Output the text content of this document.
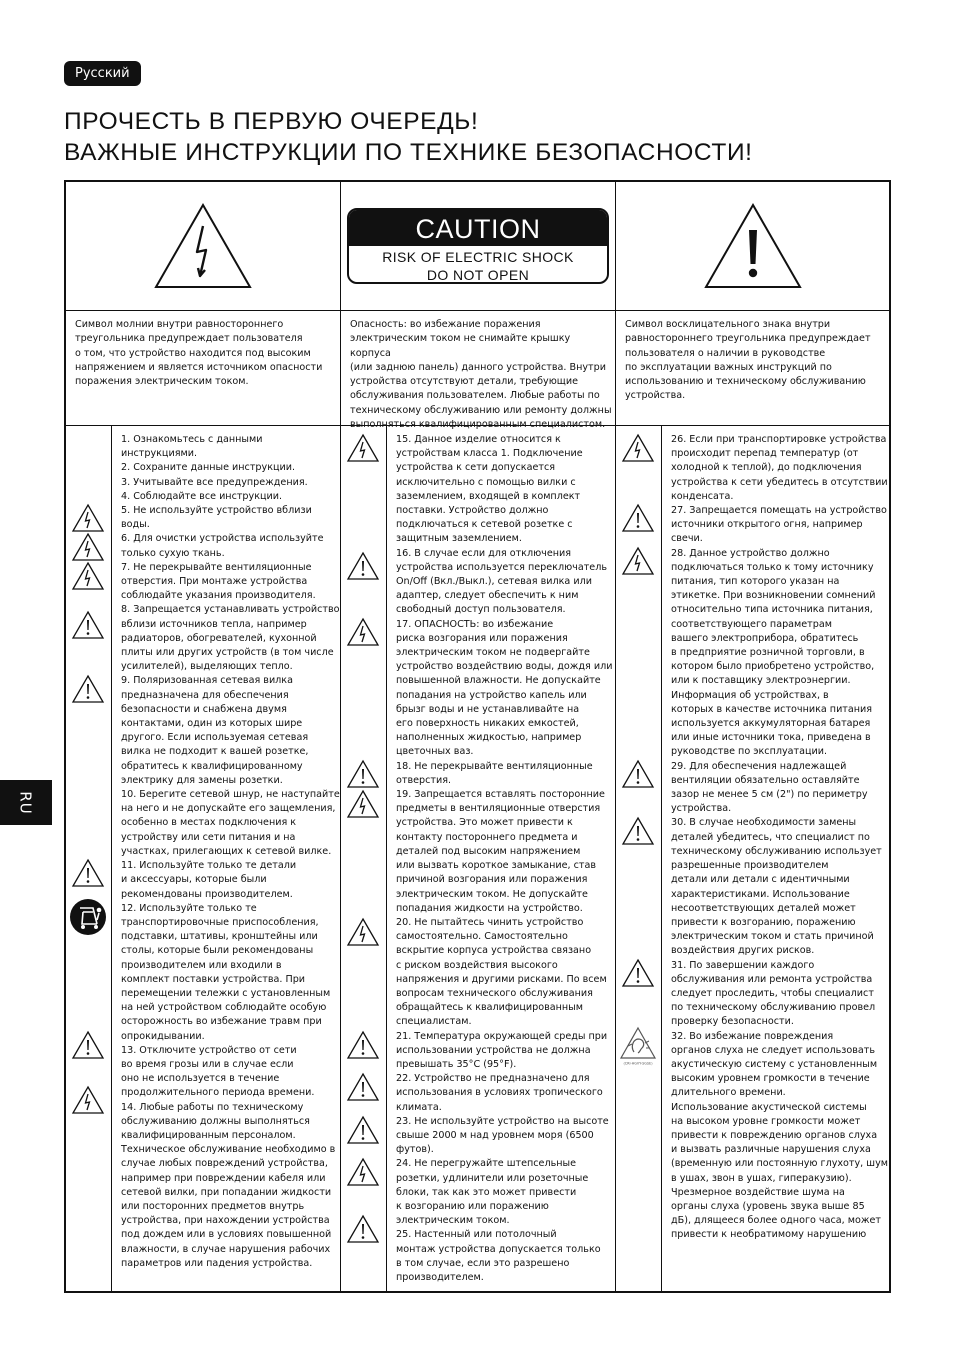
Русский
ПРОЧЕСТЬ В ПЕРВУЮ ОЧЕРЕДЬ!
ВАЖНЫЕ ИНСТРУКЦИИ ПО ТЕХНИКЕ БЕЗОПАСНОСТИ!
RU
CAUTION
RISK OF ELECTRIC SHOCK
DO NOT OPEN

Символ молнии внутри равностороннего

треугольника предупреждает пользователя

о том, что устройство находится под высоким

напряжением и является источником опасности

поражения электрическим током.

Опасность: во избежание поражения

электрическим током не снимайте крышку корпуса

(или заднюю панель) данного устройства. Внутри

устройства отсутствуют детали, требующие

обслуживания пользователем. Любые работы по

техническому обслуживанию или ремонту должны

выполняться квалифицированным специалистом.

Символ восклицательного знака внутри

равностороннего треугольника предупреждает

пользователя о наличии в руководстве

по эксплуатации важных инструкций по

использованию и техническому обслуживанию

устройства.

(CRI-HGVY-SGSE)

1. Ознакомьтесь с данными

инструкциями.

2. Сохраните данные инструкции.

3. Учитывайте все предупреждения.

4. Соблюдайте все инструкции.

5. Не используйте устройство вблизи

воды.

6. Для очистки устройства используйте

только сухую ткань.

7. Не перекрывайте вентиляционные

отверстия. При монтаже устройства

соблюдайте указания производителя.

8. Запрещается устанавливать устройство

вблизи источников тепла, например

радиаторов, обогревателей, кухонной

плиты или других устройств (в том числе

усилителей), выделяющих тепло.

9. Поляризованная сетевая вилка

предназначена для обеспечения

безопасности и снабжена двумя

контактами, один из которых шире

другого. Если используемая сетевая

вилка не подходит к вашей розетке,

обратитесь к квалифицированному

электрику для замены розетки.

10. Берегите сетевой шнур, не наступайте

на него и не допускайте его защемления,

особенно в местах подключения к

устройству или сети питания и на

участках, прилегающих к сетевой вилке.

11. Используйте только те детали

и аксессуары, которые были

рекомендованы производителем.

12. Используйте только те

транспортировочные приспособления,

подставки, штативы, кронштейны или

столы, которые были рекомендованы

производителем или входили в

комплект поставки устройства. При

перемещении тележки с установленным

на ней устройством соблюдайте особую

осторожность во избежание травм при

опрокидывании.

13. Отключите устройство от сети

во время грозы или в случае если

оно не используется в течение

продолжительного периода времени.

14. Любые работы по техническому

обслуживанию должны выполняться

квалифицированным персоналом.

Техническое обслуживание необходимо в

случае любых повреждений устройства,

например при повреждении кабеля или

сетевой вилки, при попадании жидкости

или посторонних предметов внутрь

устройства, при нахождении устройства

под дождем или в условиях повышенной

влажности, в случае нарушения рабочих

параметров или падения устройства.

15. Данное изделие относится к

устройствам класса 1. Подключение

устройства к сети допускается

исключительно с помощью вилки с

заземлением, входящей в комплект

поставки. Устройство должно

подключаться к сетевой розетке с

защитным заземлением.

16. В случае если для отключения

устройства используется переключатель

On/Off (Вкл./Выкл.), сетевая вилка или

адаптер, следует обеспечить к ним

свободный доступ пользователя.

17. ОПАСНОСТЬ: во избежание

риска возгорания или поражения

электрическим током не подвергайте

устройство воздействию воды, дождя или

повышенной влажности. Не допускайте

попадания на устройство капель или

брызг воды и не устанавливайте на

его поверхность никаких емкостей,

наполненных жидкостью, например

цветочных ваз.

18. Не перекрывайте вентиляционные

отверстия.

19. Запрещается вставлять посторонние

предметы в вентиляционные отверстия

устройства. Это может привести к

контакту постороннего предмета и

деталей под высоким напряжением

или вызвать короткое замыкание, став

причиной возгорания или поражения

электрическим током. Не допускайте

попадания жидкости на устройство.

20. Не пытайтесь чинить устройство

самостоятельно. Самостоятельно

вскрытие корпуса устройства связано

с риском воздействия высокого

напряжения и другими рисками. По всем

вопросам технического обслуживания

обращайтесь к квалифицированным

специалистам.

21. Температура окружающей среды при

использовании устройства не должна

превышать 35°C (95°F).

22. Устройство не предназначено для

использования в условиях тропического

климата.

23. Не используйте устройство на высоте

свыше 2000 м над уровнем моря (6500

футов).

24. Не перегружайте штепсельные

розетки, удлинители или розеточные

блоки, так как это может привести

к возгоранию или поражению

электрическим током.

25. Настенный или потолочный

монтаж устройства допускается только

в том случае, если это разрешено

производителем.

26. Если при транспортировке устройства

происходит перепад температур (от

холодной к теплой), до подключения

устройства к сети убедитесь в отсутствии

конденсата.

27. Запрещается помещать на устройство

источники открытого огня, например

свечи.

28. Данное устройство должно

подключаться только к тому источнику

питания, тип которого указан на

этикетке. При возникновении сомнений

относительно типа источника питания,

соответствующего параметрам

вашего электроприбора, обратитесь

в предприятие розничной торговли, в

котором было приобретено устройство,

или к поставщику электроэнергии.

Информация об устройствах, в

которых в качестве источника питания

используется аккумуляторная батарея

или иные источники тока, приведена в

руководстве по эксплуатации.

29. Для обеспечения надлежащей

вентиляции обязательно оставляйте

зазор не менее 5 см (2") по периметру

устройства.

30. В случае необходимости замены

деталей убедитесь, что специалист по

техническому обслуживанию использует

разрешенные производителем

детали или детали с идентичными

характеристиками. Использование

несоответствующих деталей может

привести к возгоранию, поражению

электрическим током и стать причиной

воздействия других рисков.

31. По завершении каждого

обслуживания или ремонта устройства

следует проследить, чтобы специалист

по техническому обслуживанию провел

проверку безопасности.

32. Во избежание повреждения

органов слуха не следует использовать

акустическую систему с установленным

высоким уровнем громкости в течение

длительного времени.

Использование акустической системы

на высоком уровне громкости может

привести к повреждению органов слуха

и вызвать различные нарушения слуха

(временную или постоянную глухоту, шум

в ушах, звон в ушах, гиперакузию).

Чрезмерное воздействие шума на

органы слуха (уровень звука выше 85

дБ), длящееся более одного часа, может

привести к необратимому нарушению
